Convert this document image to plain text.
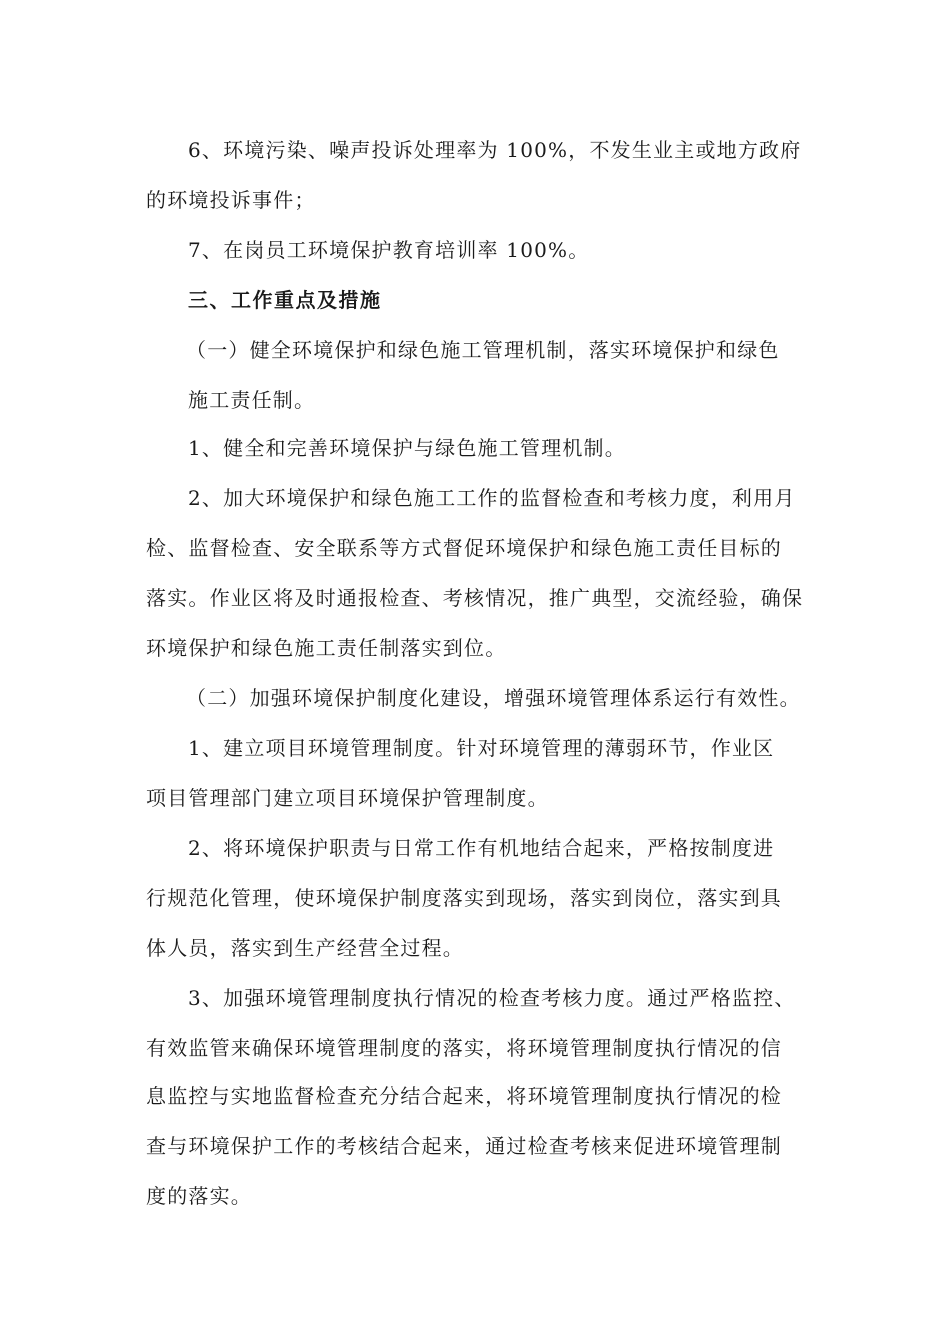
6、环境污染、噪声投诉处理率为 100%，不发生业主或地方政府
的环境投诉事件；
7、在岗员工环境保护教育培训率 100%。
三、工作重点及措施
（一）健全环境保护和绿色施工管理机制，落实环境保护和绿色
施工责任制。
1、健全和完善环境保护与绿色施工管理机制。
2、加大环境保护和绿色施工工作的监督检查和考核力度，利用月
检、监督检查、安全联系等方式督促环境保护和绿色施工责任目标的
落实。作业区将及时通报检查、考核情况，推广典型，交流经验，确保
环境保护和绿色施工责任制落实到位。
（二）加强环境保护制度化建设，增强环境管理体系运行有效性。
1、建立项目环境管理制度。针对环境管理的薄弱环节，作业区
项目管理部门建立项目环境保护管理制度。
2、将环境保护职责与日常工作有机地结合起来，严格按制度进
行规范化管理，使环境保护制度落实到现场，落实到岗位，落实到具
体人员，落实到生产经营全过程。
3、加强环境管理制度执行情况的检查考核力度。通过严格监控、
有效监管来确保环境管理制度的落实，将环境管理制度执行情况的信
息监控与实地监督检查充分结合起来，将环境管理制度执行情况的检
查与环境保护工作的考核结合起来，通过检查考核来促进环境管理制
度的落实。
